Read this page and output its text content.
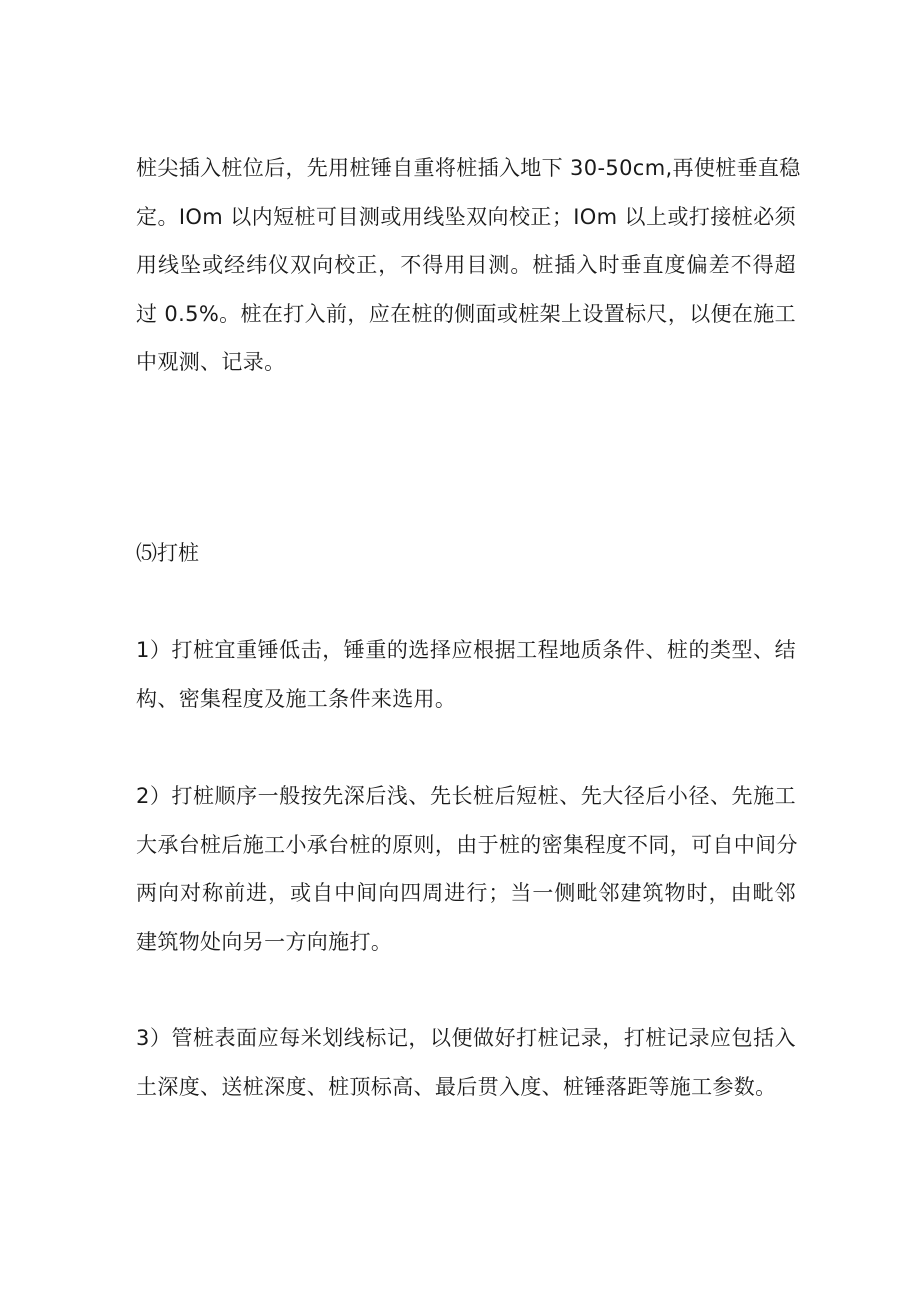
桩尖插入桩位后，先用桩锤自重将桩插入地下 30-50cm,再使桩垂直稳
定。IOm 以内短桩可目测或用线坠双向校正；IOm 以上或打接桩必须
用线坠或经纬仪双向校正，不得用目测。桩插入时垂直度偏差不得超
过 0.5%。桩在打入前，应在桩的侧面或桩架上设置标尺，以便在施工
中观测、记录。
⑸打桩
1）打桩宜重锤低击，锤重的选择应根据工程地质条件、桩的类型、结
构、密集程度及施工条件来选用。
2）打桩顺序一般按先深后浅、先长桩后短桩、先大径后小径、先施工
大承台桩后施工小承台桩的原则，由于桩的密集程度不同，可自中间分
两向对称前进，或自中间向四周进行；当一侧毗邻建筑物时，由毗邻
建筑物处向另一方向施打。
3）管桩表面应每米划线标记，以便做好打桩记录，打桩记录应包括入
土深度、送桩深度、桩顶标高、最后贯入度、桩锤落距等施工参数。
